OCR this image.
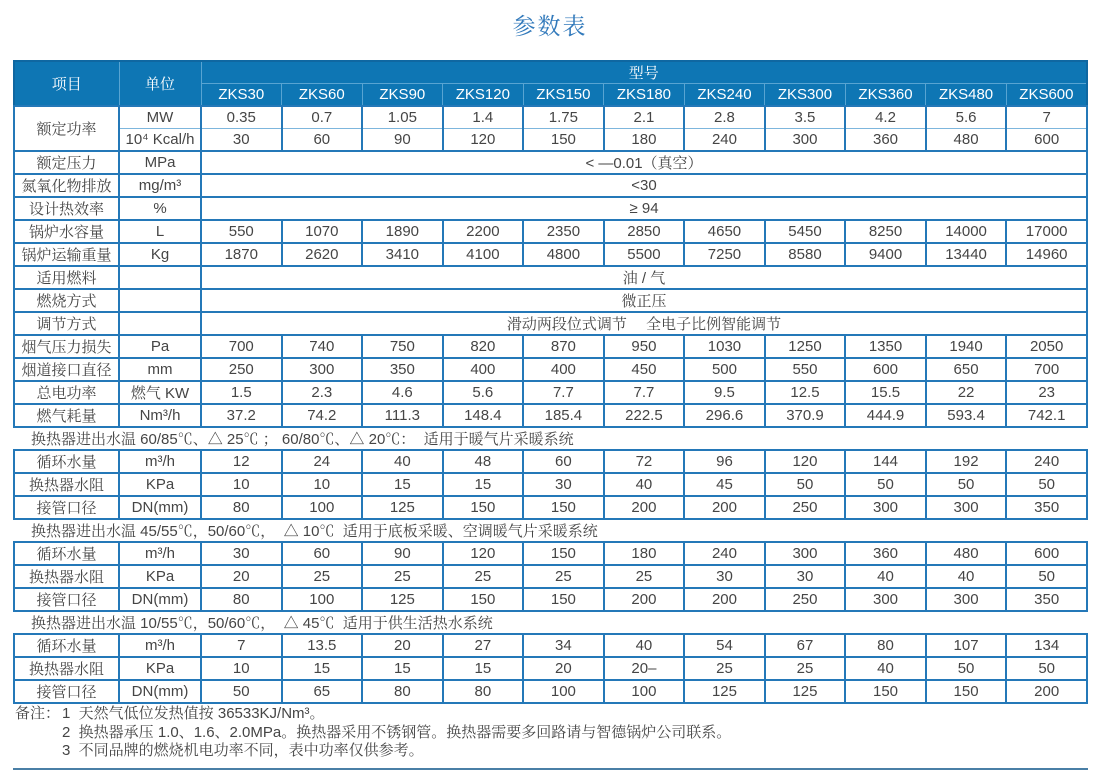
参数表
项目	单位	型号										
		ZKS30	ZKS60	ZKS90	ZKS120	ZKS150	ZKS180	ZKS240	ZKS300	ZKS360	ZKS480	ZKS600
额定功率	MW	0.35	0.7	1.05	1.4	1.75	2.1	2.8	3.5	4.2	5.6	7
	10⁴ Kcal/h	30	60	90	120	150	180	240	300	360	480	600
额定压力	MPa	< —0.01（真空）										
氮氧化物排放	mg/m³	<30										
设计热效率	%	≥ 94										
锅炉水容量	L	550	1070	1890	2200	2350	2850	4650	5450	8250	14000	17000
锅炉运输重量	Kg	1870	2620	3410	4100	4800	5500	7250	8580	9400	13440	14960
适用燃料		油 / 气										
燃烧方式		微正压										
调节方式		滑动两段位式调节　 全电子比例智能调节										
烟气压力损失	Pa	700	740	750	820	870	950	1030	1250	1350	1940	2050
烟道接口直径	mm	250	300	350	400	400	450	500	550	600	650	700
总电功率	燃气 KW	1.5	2.3	4.6	5.6	7.7	7.7	9.5	12.5	15.5	22	23
燃气耗量	Nm³/h	37.2	74.2	111.3	148.4	185.4	222.5	296.6	370.9	444.9	593.4	742.1
换热器进出水温 60/85℃、△ 25℃ ； 60/80℃、△ 20℃：  适用于暖气片采暖系统												
循环水量	m³/h	12	24	40	48	60	72	96	120	144	192	240
换热器水阻	KPa	10	10	15	15	30	40	45	50	50	50	50
接管口径	DN(mm)	80	100	125	150	150	200	200	250	300	300	350
换热器进出水温 45/55℃，50/60℃，  △ 10℃  适用于底板采暖、空调暖气片采暖系统												
循环水量	m³/h	30	60	90	120	150	180	240	300	360	480	600
换热器水阻	KPa	20	25	25	25	25	25	30	30	40	40	50
接管口径	DN(mm)	80	100	125	150	150	200	200	250	300	300	350
换热器进出水温 10/55℃，50/60℃，  △ 45℃  适用于供生活热水系统												
循环水量	m³/h	7	13.5	20	27	34	40	54	67	80	107	134
换热器水阻	KPa	10	15	15	15	20	20–	25	25	40	50	50
接管口径	DN(mm)	50	65	80	80	100	100	125	125	150	150	200
备注： 1  天然气低位发热值按 36533KJ/Nm³。
2  换热器承压 1.0、1.6、2.0MPa。换热器采用不锈钢管。换热器需要多回路请与智德锅炉公司联系。
3  不同品牌的燃烧机电功率不同，表中功率仅供参考。
